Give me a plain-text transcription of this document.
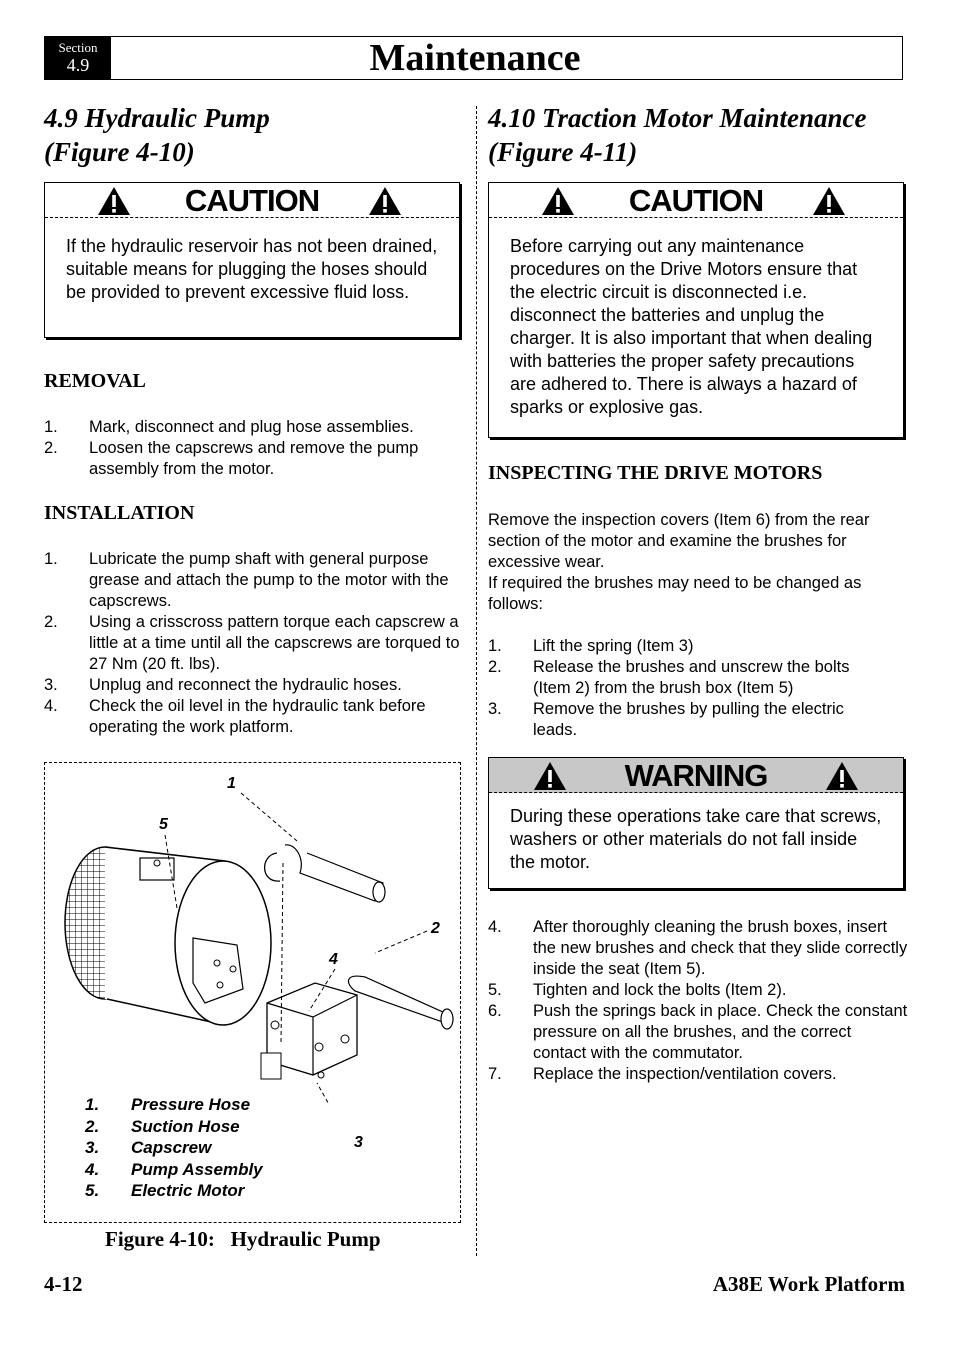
Section
4.9	Maintenance
4.9 Hydraulic Pump
(Figure 4-10)
CAUTION
If the hydraulic reservoir has not been drained, suitable means for plugging the hoses should be provided to prevent excessive fluid loss.
REMOVAL
1.	Mark, disconnect and plug hose assemblies.
2.	Loosen the capscrews and remove the pump assembly from the motor.
INSTALLATION
1.	Lubricate the pump shaft with general purpose grease and attach the pump to the motor with the capscrews.
2.	Using a crisscross pattern torque each capscrew a little at a time until all the capscrews are torqued to 27 Nm (20 ft. lbs).
3.	Unplug and reconnect the hydraulic hoses.
4.	Check the oil level in the hydraulic tank before operating the work platform.
1
5
2
4
3
1.	Pressure Hose
2.	Suction Hose
3.	Capscrew
4.	Pump Assembly
5.	Electric Motor
Figure 4-10:   Hydraulic Pump
4.10 Traction Motor Maintenance
(Figure 4-11)
CAUTION
Before carrying out any maintenance procedures on the Drive Motors ensure that the electric circuit is disconnected i.e. disconnect the batteries and unplug the charger. It is also important that when dealing with batteries the proper safety precautions are adhered to. There is always a hazard of sparks or explosive gas.
INSPECTING THE DRIVE MOTORS

Remove the inspection covers (Item 6) from the rear section of the motor and examine the brushes for excessive wear.

If required the brushes may need to be changed as follows:

1.	Lift the spring (Item 3)
2.	Release the brushes and unscrew the bolts (Item 2) from the brush box (Item 5)
3.	Remove the brushes by pulling the electric leads.
WARNING
During these operations take care that screws, washers or other materials do not fall inside the motor.
4.	After thoroughly cleaning the brush boxes, insert the new brushes and check that they slide correctly inside the seat (Item 5).
5.	Tighten and lock the bolts (Item 2).
6.	Push the springs back in place. Check the constant pressure on all the brushes, and the correct contact with the commutator.
7.	Replace the inspection/ventilation covers.
4-12	A38E Work Platform
